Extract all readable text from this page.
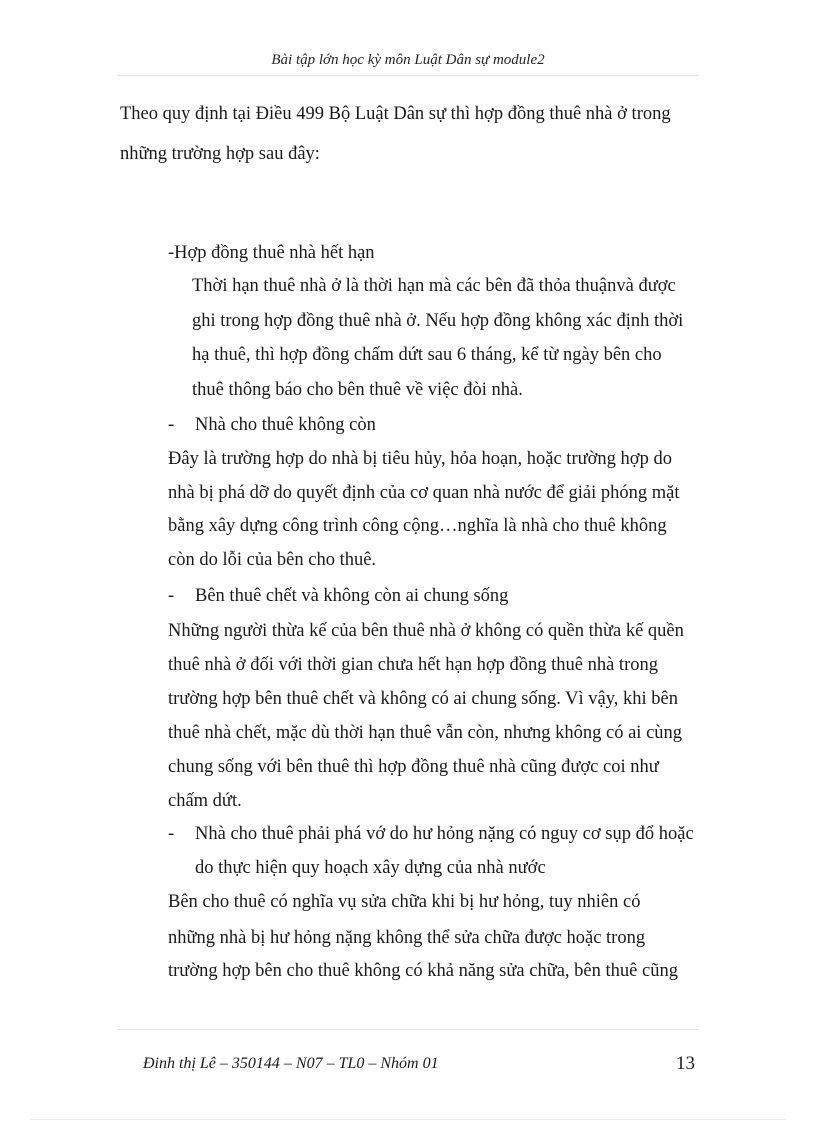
Bài tập lớn học kỳ môn Luật Dân sự module2
Theo quy định tại Điều 499 Bộ Luật Dân sự thì hợp đồng thuê nhà ở trong
những trường hợp sau đây:
-Hợp đồng thuê nhà hết hạn
Thời hạn thuê nhà ở là thời hạn mà các bên đã thỏa thuậnvà được
ghi trong hợp đồng thuê nhà ở. Nếu hợp đồng không xác định thời
hạ thuê, thì hợp đồng chấm dứt sau 6 tháng, kể từ ngày bên cho
thuê thông báo cho bên thuê về việc đòi nhà.
- Nhà cho thuê không còn
Đây là trường hợp do nhà bị tiêu hủy, hỏa hoạn, hoặc trường hợp do
nhà bị phá dỡ do quyết định của cơ quan nhà nước để giải phóng mặt
bằng xây dựng công trình công cộng…nghĩa là nhà cho thuê không
còn do lỗi của bên cho thuê.
- Bên thuê chết và không còn ai chung sống
Những người thừa kế của bên thuê nhà ở không có quền thừa kế quền
thuê nhà ở đối với thời gian chưa hết hạn hợp đồng thuê nhà trong
trường hợp bên thuê chết và không có ai chung sống. Vì vậy, khi bên
thuê nhà chết, mặc dù thời hạn thuê vẫn còn, nhưng không có ai cùng
chung sống với bên thuê thì hợp đồng thuê nhà cũng được coi như
chấm dứt.
- Nhà cho thuê phải phá vớ do hư hỏng nặng có nguy cơ sụp đổ hoặc
do thực hiện quy hoạch xây dựng của nhà nước
Bên cho thuê có nghĩa vụ sửa chữa khi bị hư hỏng, tuy nhiên có
những nhà bị hư hỏng nặng không thể sửa chữa được hoặc trong
trường hợp bên cho thuê không có khả năng sửa chữa, bên thuê cũng
Đinh thị Lê – 350144 – N07 – TL0 – Nhóm 01	13
